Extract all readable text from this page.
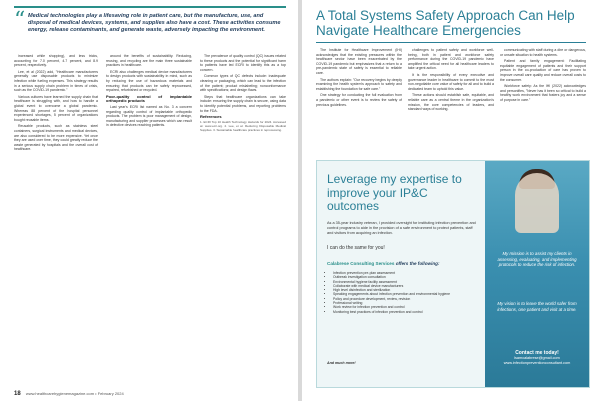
“ Medical technologies play a lifesaving role in patient care, but the manufacture, use, and disposal of medical devices, systems, and supplies also have a cost. These activities consume energy, release contaminants, and generate waste, adversely impacting the environment.

increased while shopping), and less tricks, accounting for 7.0 percent, 4.7 percent, and 8.9 percent, respectively.

Lee, et al (2022) add, "Healthcare manufacturers generally use disposable products to minimize infection while fueling expenses. This strategy results in a serious supply chain problem in times of crisis, such as the COVID-19 pandemic."

Various cultures have learned the supply chain that healthcare is struggling with, and how to handle a global event to overcome a global pandemic. Whereas 88 percent of the hospital personnel experienced shortages, 5 percent of organizations bought reusable items.

Reusable products, such as stainless steel containers, surgical instruments and medical devices, are also considered to be more expensive. Yet once they are used over time, they could greatly reduce the waste generated by hospitals and the overall cost of healthcare.

around the benefits of sustainability. Reducing, reusing, and recycling are the main three sustainable practices in healthcare.

ECRI also challenges medical device manufacturers to design products with sustainability in mind, such as by reducing the use of hazardous materials and ensuring that products can be safely reprocessed, repaired, refurbished or recycled.

Poor-quality control of implantable orthopedic products

Last year's ECRI list named as No. 3 a concern regarding quality control of implantable orthopedic products. The problem is poor management of design, manufacturing and supplier processes which can result in defective devices reaching patients.

The prevalence of quality control (QC) issues related to these products and the potential for significant harm to patients have led ECRI to identify this as a top concern.

Common types of QC defects include: inadequate cleaning or packaging, which can lead to the infection of the patient; product mislabeling; nonconformance with specifications; and design flaws.

Steps that healthcare organizations can take include: ensuring the supply chain is secure, using data to identify potential problems, and reporting problems to the FDA.

References
1. ECRI Top 10 Health Technology Hazards for 2024. Accessed at: www.ecri.org. 2. Lee, et al. Reducing Disposable Medical Supplies. 3. Sustainable healthcare practices in reprocessing.
18 www.healthcarehygienemagazine.com • February 2024
A Total Systems Safety Approach Can Help Navigate Healthcare Emergencies

The Institute for Healthcare Improvement (IHI) acknowledges that the existing pressures within the healthcare sector have been exacerbated by the COVID-19 pandemic but emphasizes that a return to a pre-pandemic state of safety is essential to reliable care.

The authors explain: "Our recovery begins by deeply examining the health system's approach to safety and establishing the foundation for safe care."

One strategy for conducting the full evaluation from a pandemic or other event is to review the safety of previous guidelines.

challenges to patient safety and workforce well-being, both in patient and workforce safety performance during the COVID-19 pandemic have amplified the critical need for all healthcare leaders to take urgent action.

It is the responsibility of every executive and governance leader in healthcare to commit to the most non-negotiable core value of safety for all and to build a dedicated team to uphold this value.

These actions should establish safe, equitable, and reliable care as a central theme in the organization's mission, the core competencies of leaders, and standard ways of working.

communicating with staff during a dire or dangerous, or unsafe situation to health systems.

Patient and family engagement: Facilitating equitable engagement of patients and their support person in the co-production of care has proven to improve overall care quality and reduce overall costs to the consumer.

Workforce safety: As the IHI (2022) acknowledges and personifies, "Never has it been so critical to build a healthy work environment that fosters joy and a sense of purpose in care."

Leverage my expertise to improve your IP&C outcomes
As a 35-year industry veteran, I provided oversight for instituting infection prevention and control programs to aide in the provision of a safe environment to protect patients, staff and visitors from acquiring an infection.
I can do the same for you!
Calabrese Consulting Services offers the following:
• Infection prevention pre-plan assessment
• Outbreak investigation consultation
• Environmental hygiene facility assessment
• Collaborate with medical device manufacturers
• High level disinfection and sterilization
• Speaking engagements about infection prevention and environmental hygiene
• Policy and procedure development, review, revision
• Professional writing
• Work review for infection prevention and control
• Monitoring best practices of infection prevention and control
And much more!
My mission is to assist my clients in assessing, evaluating, and implementing protocols to reduce the risk of infection.
My vision is to leave the world safer from infections, one patient and visit at a time.
Contact me today!
lsamcalabrese@gmail.com
www.infectionpreventionconsultant.com
